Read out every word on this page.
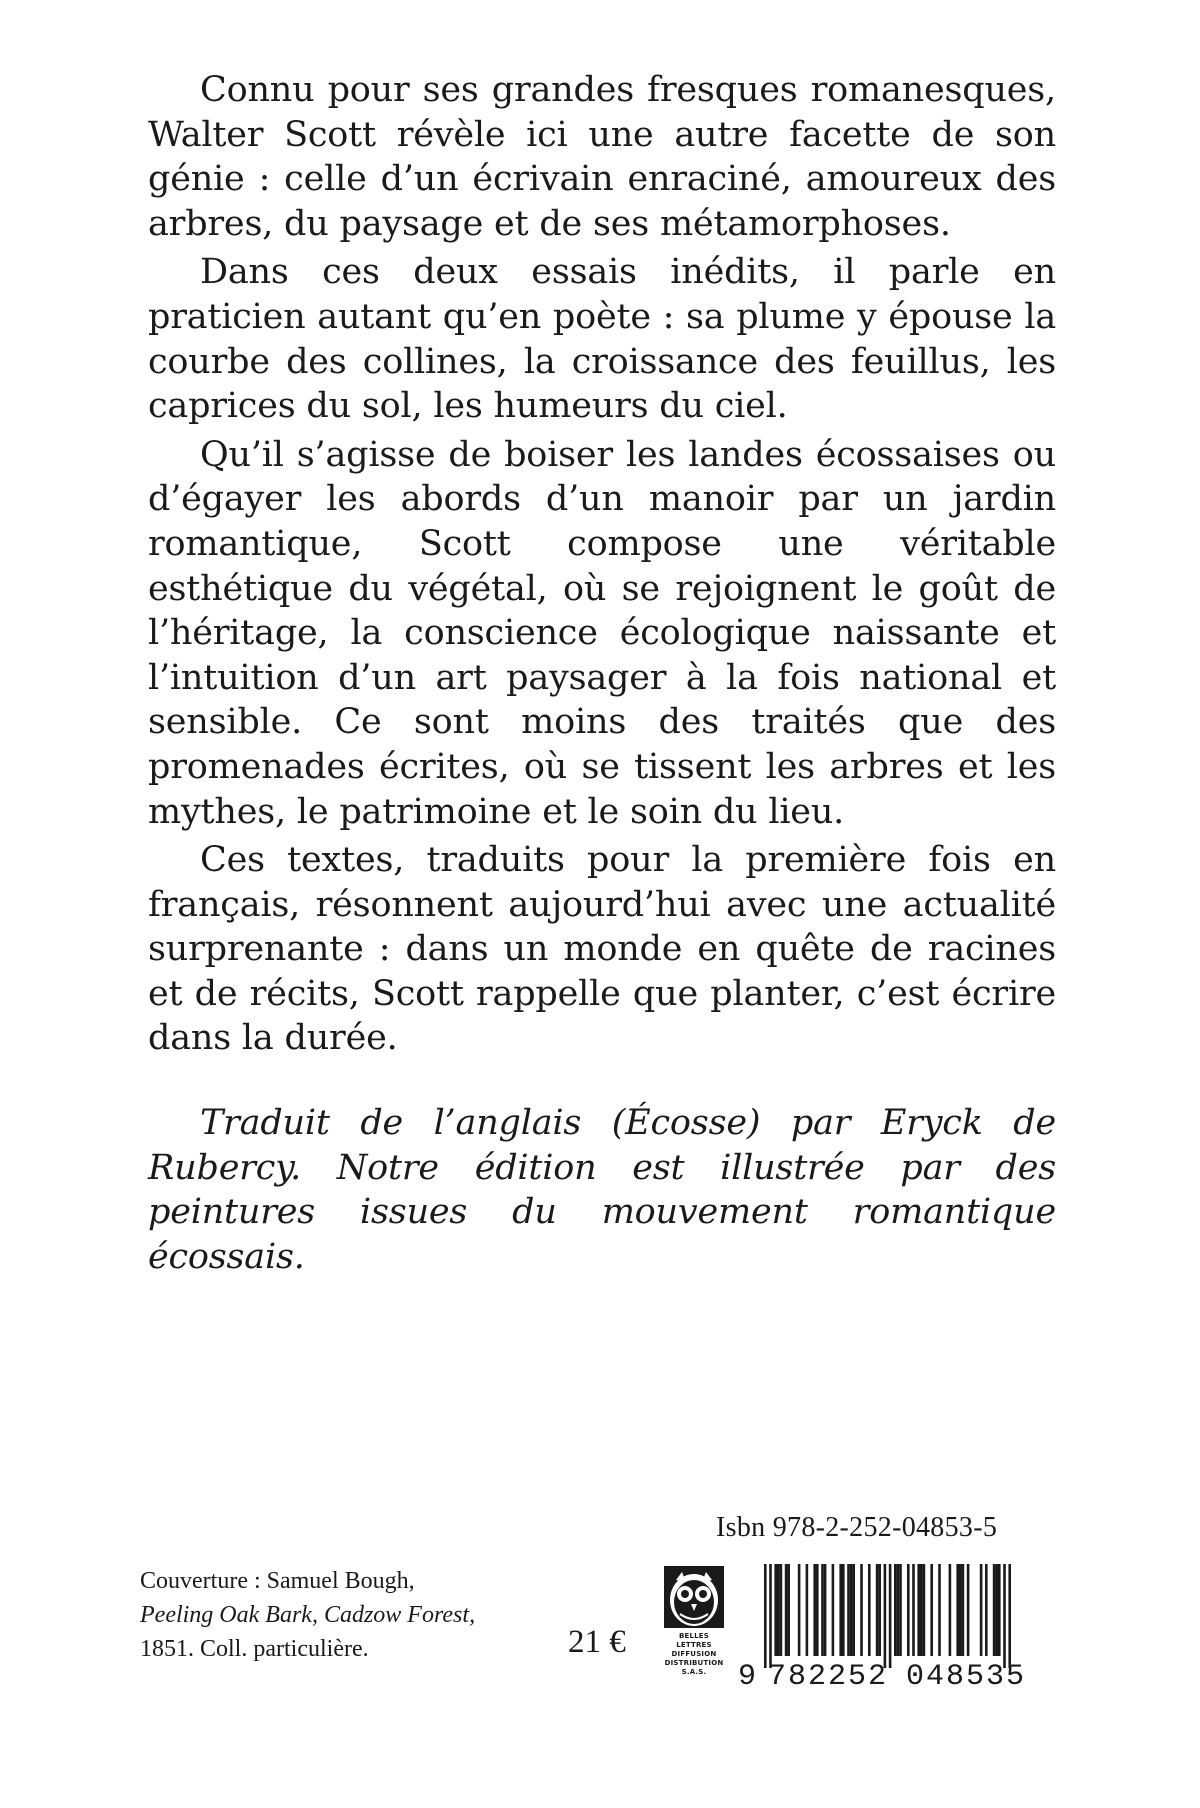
Connu pour ses grandes fresques romanesques, Walter Scott révèle ici une autre facette de son génie : celle d’un écrivain enraciné, amoureux des arbres, du paysage et de ses métamorphoses.

Dans ces deux essais inédits, il parle en praticien autant qu’en poète : sa plume y épouse la courbe des collines, la croissance des feuillus, les caprices du sol, les humeurs du ciel.

Qu’il s’agisse de boiser les landes écossaises ou d’égayer les abords d’un manoir par un jardin romantique, Scott compose une véritable esthétique du végétal, où se rejoignent le goût de l’héritage, la conscience écologique naissante et l’intuition d’un art paysager à la fois national et sensible. Ce sont moins des traités que des promenades écrites, où se tissent les arbres et les mythes, le patrimoine et le soin du lieu.

Ces textes, traduits pour la première fois en français, résonnent aujourd’hui avec une actualité surprenante : dans un monde en quête de racines et de récits, Scott rappelle que planter, c’est écrire dans la durée.

Traduit de l’anglais (Écosse) par Eryck de Rubercy. Notre édition est illustrée par des peintures issues du mouvement romantique écossais.

Couverture : Samuel Bough,
Peeling Oak Bark, Cadzow Forest,
1851. Coll. particulière.
Isbn 978-2-252-04853-5
21 €	BELLES LETTRES
DIFFUSION
DISTRIBUTION
S.A.S.	9 782252 048535
